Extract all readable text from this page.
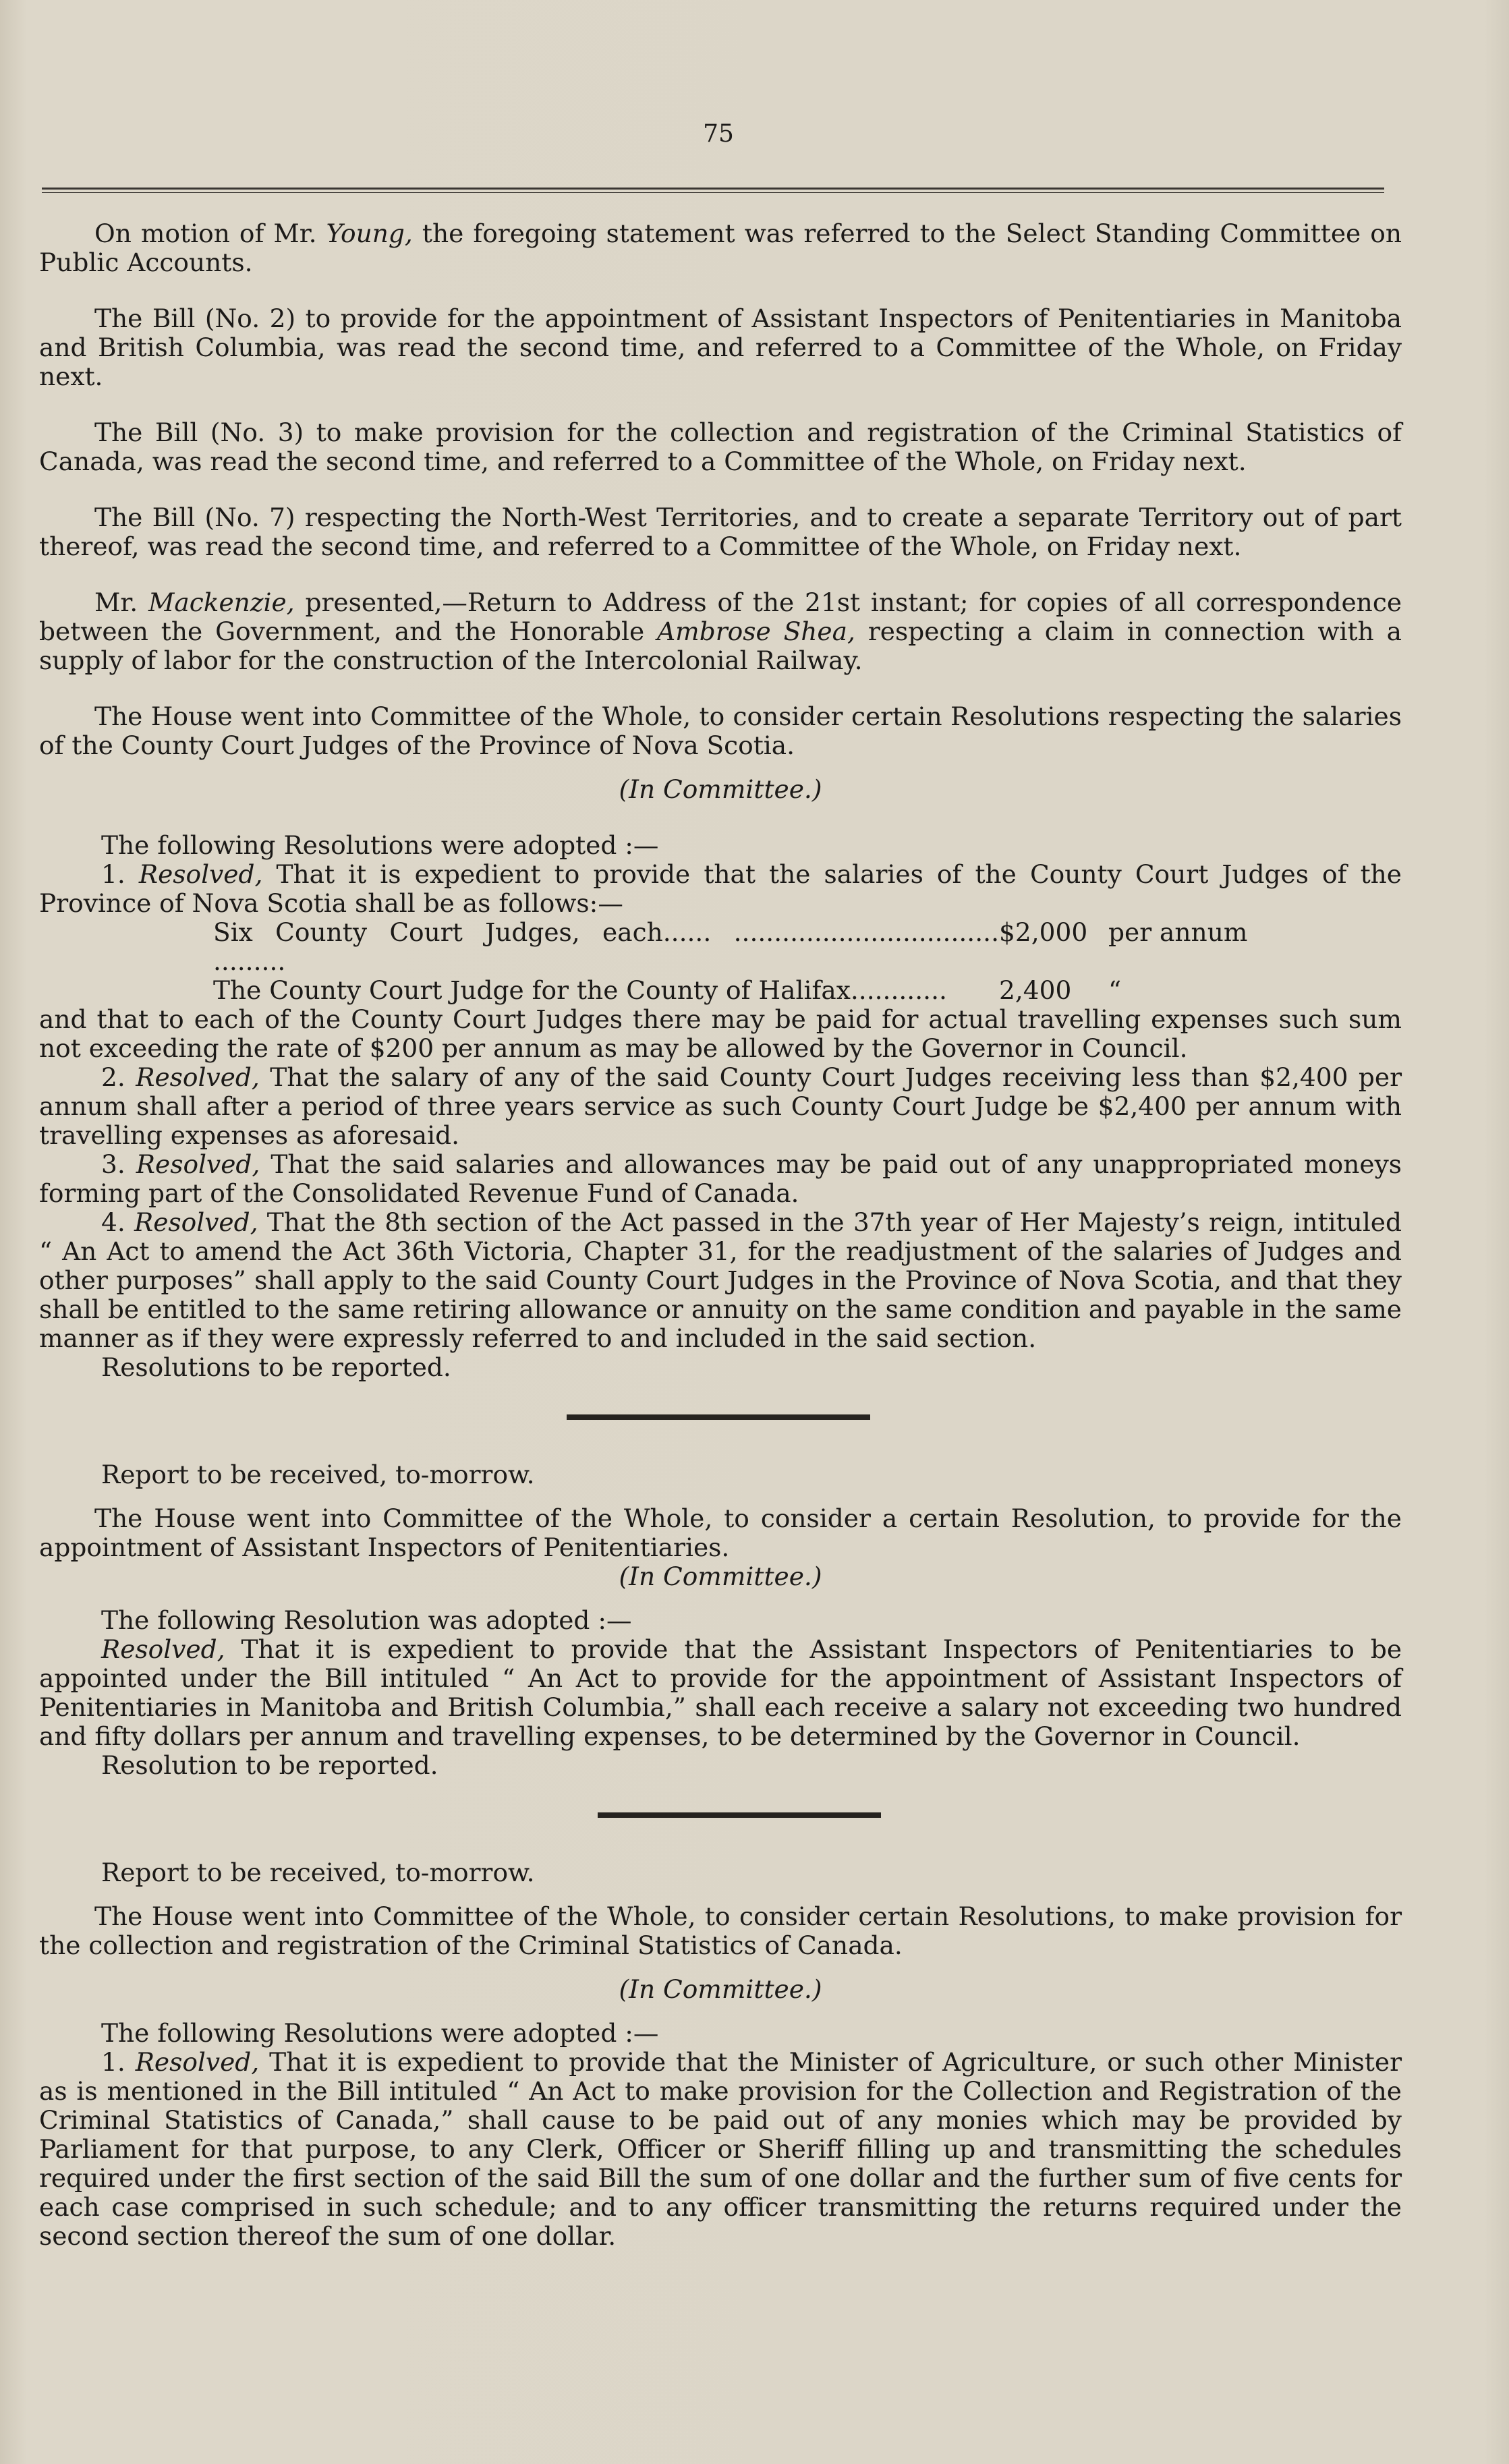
75

On motion of Mr. Young, the foregoing statement was referred to the Select Standing Committee on Public Accounts.

The Bill (No. 2) to provide for the appointment of Assistant Inspectors of Penitentiaries in Manitoba and British Columbia, was read the second time, and referred to a Committee of the Whole, on Friday next.

The Bill (No. 3) to make provision for the collection and registration of the Criminal Statistics of Canada, was read the second time, and referred to a Committee of the Whole, on Friday next.

The Bill (No. 7) respecting the North-West Territories, and to create a separate Territory out of part thereof, was read the second time, and referred to a Committee of the Whole, on Friday next.

Mr. Mackenzie, presented,—Return to Address of the 21st instant; for copies of all correspondence between the Government, and the Honorable Ambrose Shea, respecting a claim in connection with a supply of labor for the construction of the Intercolonial Railway.

The House went into Committee of the Whole, to consider certain Resolutions respecting the salaries of the County Court Judges of the Province of Nova Scotia.

(In Committee.)

The following Resolutions were adopted :—

1. Resolved, That it is expedient to provide that the salaries of the County Court Judges of the Province of Nova Scotia shall be as follows:—

Six County Court Judges, each...... ................................. .........
$2,000 per annum
The County Court Judge for the County of Halifax............	2,400	“

and that to each of the County Court Judges there may be paid for actual travelling expenses such sum not exceeding the rate of $200 per annum as may be allowed by the Governor in Council.

2. Resolved, That the salary of any of the said County Court Judges receiving less than $2,400 per annum shall after a period of three years service as such County Court Judge be $2,400 per annum with travelling expenses as aforesaid.

3. Resolved, That the said salaries and allowances may be paid out of any unappropriated moneys forming part of the Consolidated Revenue Fund of Canada.

4. Resolved, That the 8th section of the Act passed in the 37th year of Her Majesty’s reign, intituled “ An Act to amend the Act 36th Victoria, Chapter 31, for the readjustment of the salaries of Judges and other purposes” shall apply to the said County Court Judges in the Province of Nova Scotia, and that they shall be entitled to the same retiring allowance or annuity on the same condition and payable in the same manner as if they were expressly referred to and included in the said section.

Resolutions to be reported.

Report to be received, to-morrow.

The House went into Committee of the Whole, to consider a certain Resolution, to provide for the appointment of Assistant Inspectors of Penitentiaries.

(In Committee.)

The following Resolution was adopted :—

Resolved, That it is expedient to provide that the Assistant Inspectors of Penitentiaries to be appointed under the Bill intituled “ An Act to provide for the appointment of Assistant Inspectors of Penitentiaries in Manitoba and British Columbia,” shall each receive a salary not exceeding two hundred and fifty dollars per annum and travelling expenses, to be determined by the Governor in Council.

Resolution to be reported.

Report to be received, to-morrow.

The House went into Committee of the Whole, to consider certain Resolutions, to make provision for the collection and registration of the Criminal Statistics of Canada.

(In Committee.)

The following Resolutions were adopted :—

1. Resolved, That it is expedient to provide that the Minister of Agriculture, or such other Minister as is mentioned in the Bill intituled “ An Act to make provision for the Collection and Registration of the Criminal Statistics of Canada,” shall cause to be paid out of any monies which may be provided by Parliament for that purpose, to any Clerk, Officer or Sheriff filling up and transmitting the schedules required under the first section of the said Bill the sum of one dollar and the further sum of five cents for each case comprised in such schedule; and to any officer transmitting the returns required under the second section thereof the sum of one dollar.
